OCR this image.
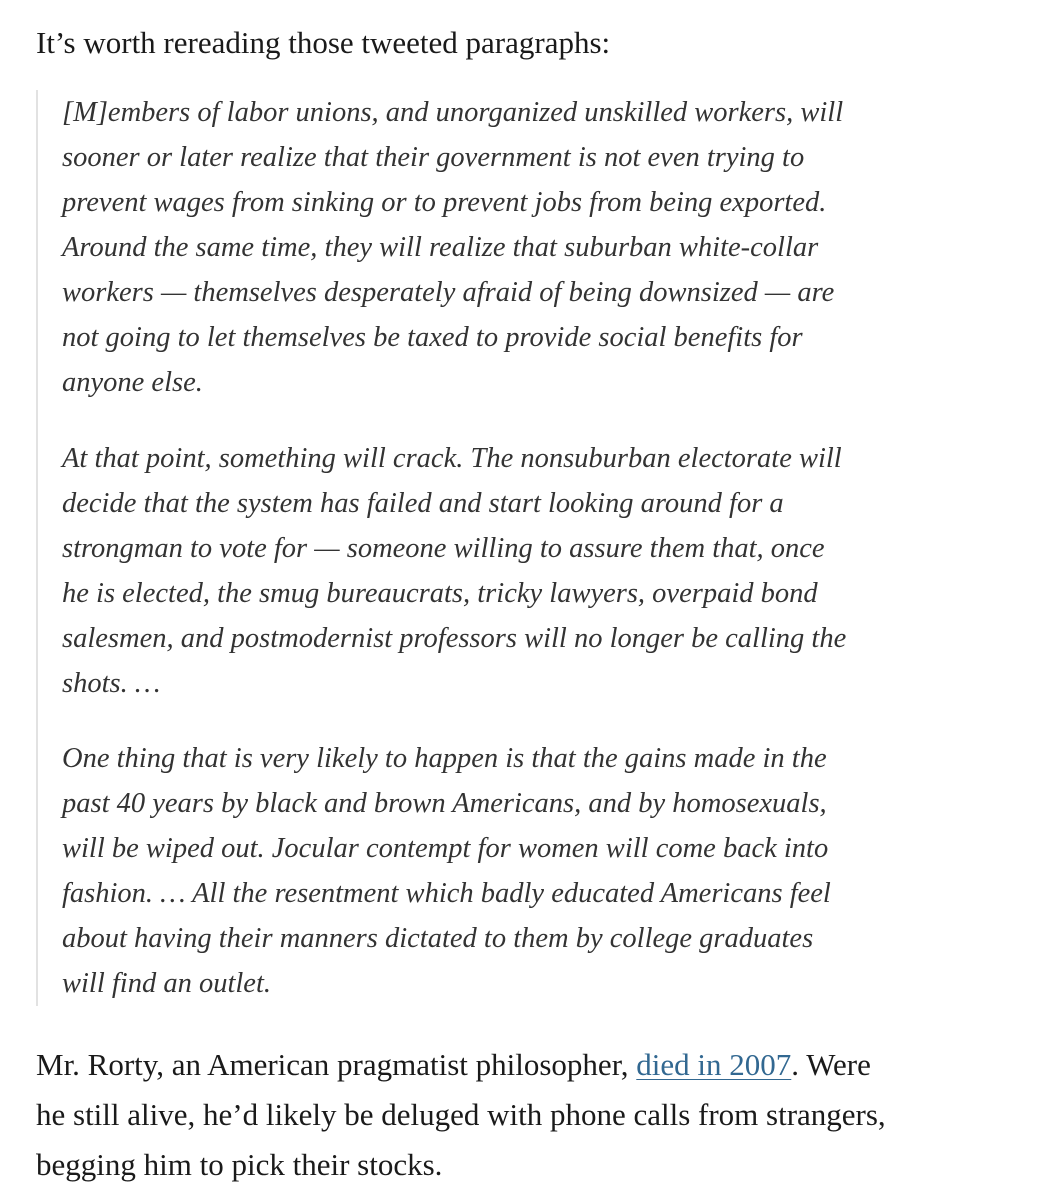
It’s worth rereading those tweeted paragraphs:

[M]embers of labor unions, and unorganized unskilled workers, will
sooner or later realize that their government is not even trying to
prevent wages from sinking or to prevent jobs from being exported.
Around the same time, they will realize that suburban white-collar
workers — themselves desperately afraid of being downsized — are
not going to let themselves be taxed to provide social benefits for
anyone else.

At that point, something will crack. The nonsuburban electorate will
decide that the system has failed and start looking around for a
strongman to vote for — someone willing to assure them that, once
he is elected, the smug bureaucrats, tricky lawyers, overpaid bond
salesmen, and postmodernist professors will no longer be calling the
shots. …

One thing that is very likely to happen is that the gains made in the
past 40 years by black and brown Americans, and by homosexuals,
will be wiped out. Jocular contempt for women will come back into
fashion. … All the resentment which badly educated Americans feel
about having their manners dictated to them by college graduates
will find an outlet.

Mr. Rorty, an American pragmatist philosopher, died in 2007. Were
he still alive, he’d likely be deluged with phone calls from strangers,
begging him to pick their stocks.
